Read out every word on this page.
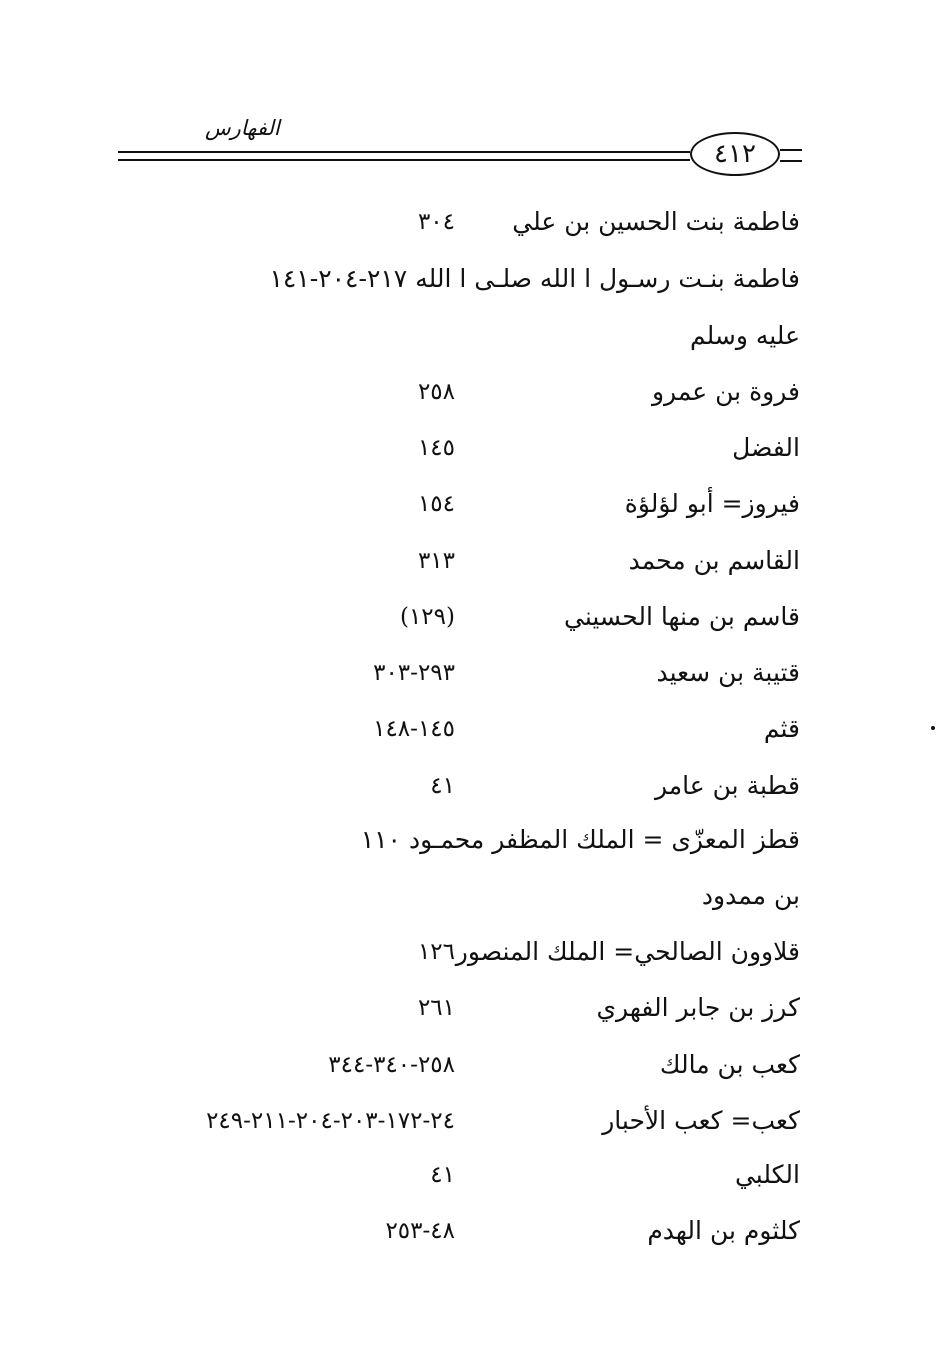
الفهارس
٤١٢
فاطمة بنت الحسين بن علي
٣٠٤
فاطمة بنـت رسـول ا الله صلـى ا الله ٢١٧-٢٠٤-١٤١
عليه وسلم
فروة بن عمرو
٢٥٨
الفضل
١٤٥
فيروز= أبو لؤلؤة
١٥٤
القاسم بن محمد
٣١٣
قاسم بن منها الحسيني
(١٢٩)
قتيبة بن سعيد
٢٩٣-٣٠٣
قثم
١٤٥-١٤٨
قطبة بن عامر
٤١
قطز المعزّى = الملك المظفر محمـود ١١٠
بن ممدود
قلاوون الصالحي= الملك المنصور
١٢٦
كرز بن جابر الفهري
٢٦١
كعب بن مالك
٢٥٨-٣٤٠-٣٤٤
كعب= كعب الأحبار
٢٤-١٧٢-٢٠٣-٢٠٤-٢١١-٢٤٩
الكلبي
٤١
كلثوم بن الهدم
٤٨-٢٥٣
